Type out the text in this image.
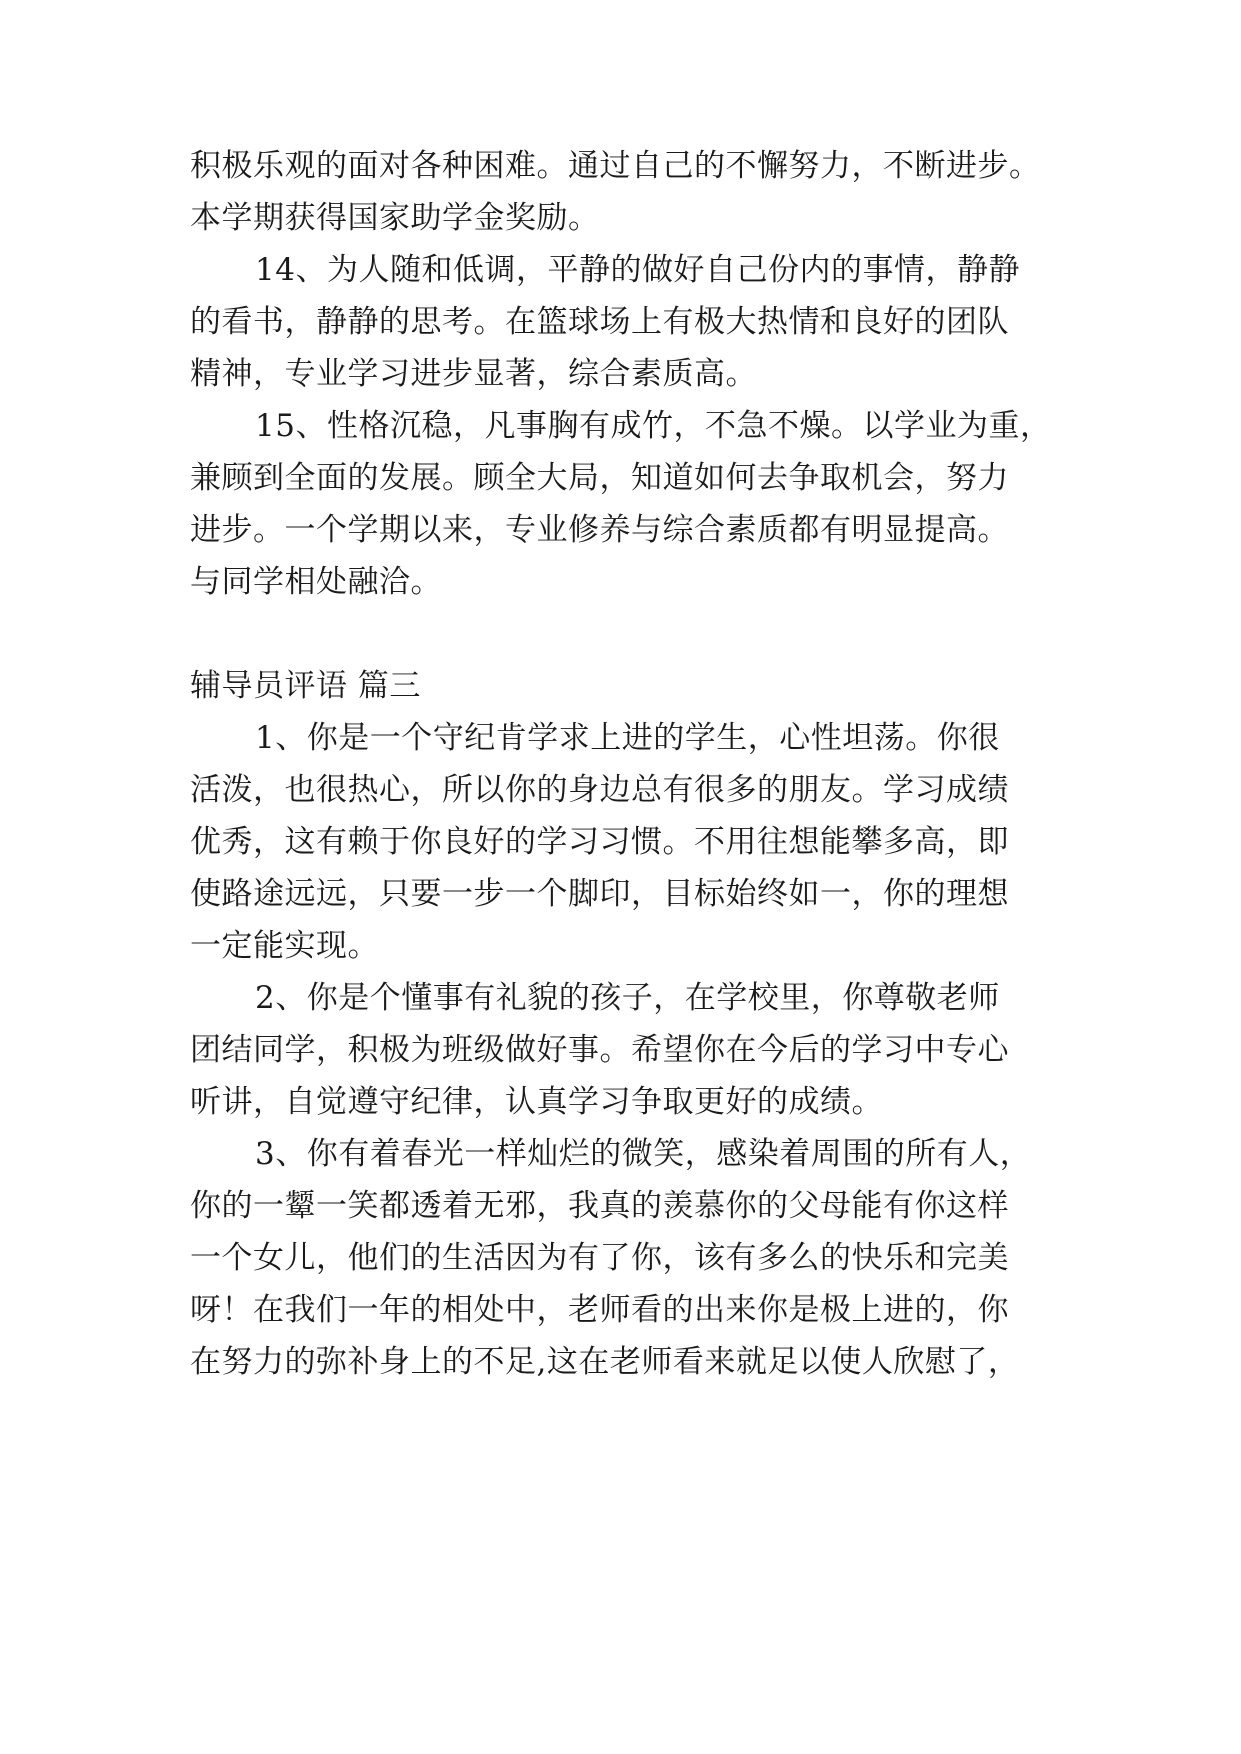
积极乐观的面对各种困难。通过自己的不懈努力，不断进步。
本学期获得国家助学金奖励。
14、为人随和低调，平静的做好自己份内的事情，静静
的看书，静静的思考。在篮球场上有极大热情和良好的团队
精神，专业学习进步显著，综合素质高。
15、性格沉稳，凡事胸有成竹，不急不燥。以学业为重，
兼顾到全面的发展。顾全大局，知道如何去争取机会，努力
进步。一个学期以来，专业修养与综合素质都有明显提高。
与同学相处融洽。
辅导员评语 篇三
1、你是一个守纪肯学求上进的学生，心性坦荡。你很
活泼，也很热心，所以你的身边总有很多的朋友。学习成绩
优秀，这有赖于你良好的学习习惯。不用往想能攀多高，即
使路途远远，只要一步一个脚印，目标始终如一，你的理想
一定能实现。
2、你是个懂事有礼貌的孩子，在学校里，你尊敬老师
团结同学，积极为班级做好事。希望你在今后的学习中专心
听讲，自觉遵守纪律，认真学习争取更好的成绩。
3、你有着春光一样灿烂的微笑，感染着周围的所有人，
你的一颦一笑都透着无邪，我真的羡慕你的父母能有你这样
一个女儿，他们的生活因为有了你，该有多么的快乐和完美
呀！在我们一年的相处中，老师看的出来你是极上进的，你
在努力的弥补身上的不足,这在老师看来就足以使人欣慰了，
